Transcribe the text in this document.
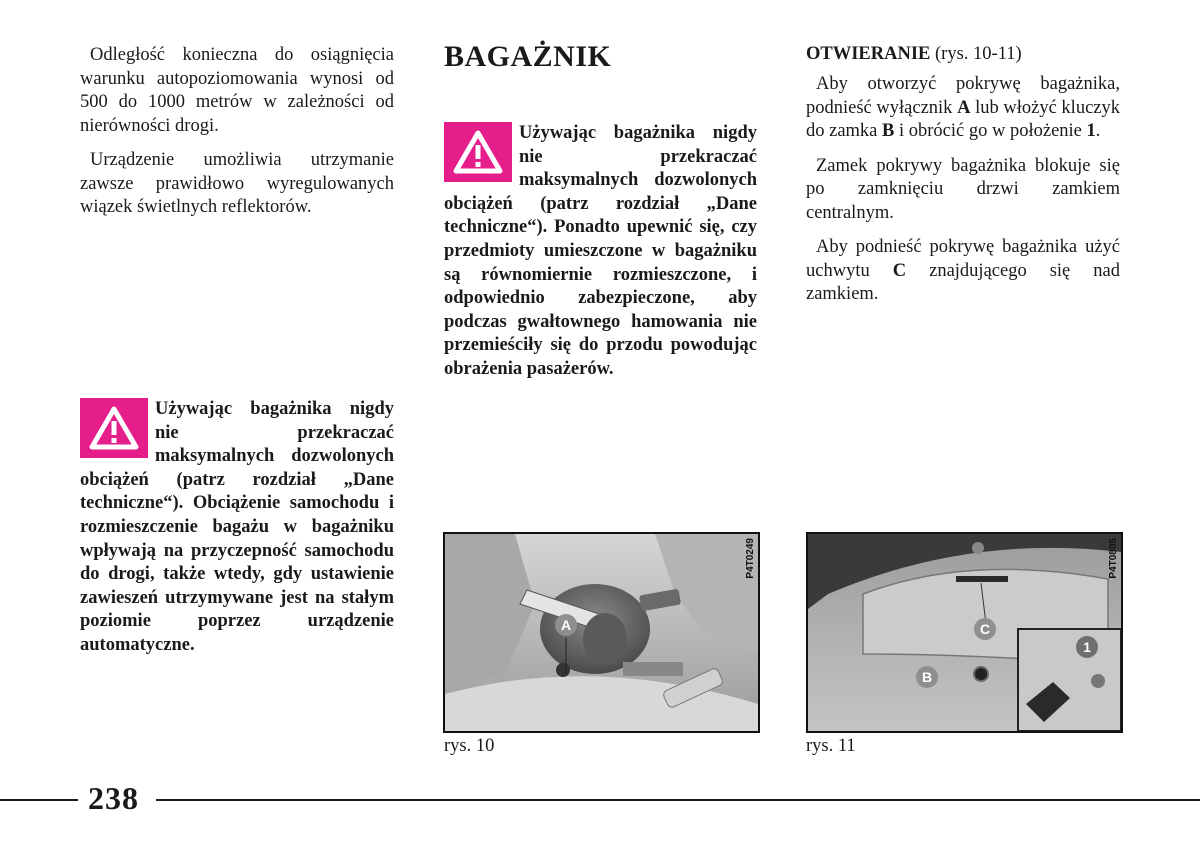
Odległość konieczna do osiągnięcia warunku autopoziomowania wynosi od 500 do 1000 metrów w zależności od nierówności drogi.

Urządzenie umożliwia utrzymanie zawsze prawidłowo wyregulowanych wiązek świetlnych reflektorów.

Używając bagażnika nigdy nie przekraczać maksymalnych dozwolonych obciążeń (patrz rozdział „Dane techniczne“). Obciążenie samochodu i rozmieszczenie bagażu w bagażniku wpływają na przyczepność samochodu do drogi, także wtedy, gdy ustawienie zawieszeń utrzymywane jest na stałym poziomie poprzez urządzenie automatyczne.
BAGAŻNIK
Używając bagażnika nigdy nie przekraczać maksymalnych dozwolonych obciążeń (patrz rozdział „Dane techniczne“). Ponadto upewnić się, czy przedmioty umieszczone w bagażniku są równomiernie rozmieszczone, i odpowiednio zabezpieczone, aby podczas gwałtownego hamowania nie przemieściły się do przodu powodując obrażenia pasażerów.

OTWIERANIE (rys. 10-11)

Aby otworzyć pokrywę bagażnika, podnieść wyłącznik A lub włożyć kluczyk do zamka B i obrócić go w położenie 1.

Zamek pokrywy bagażnika blokuje się po zamknięciu drzwi zamkiem centralnym.

Aby podnieść pokrywę bagażnika użyć uchwytu C znajdującego się nad zamkiem.

A
P4T0249
rys. 10
C
B
1
P4T0805
rys. 11
238
